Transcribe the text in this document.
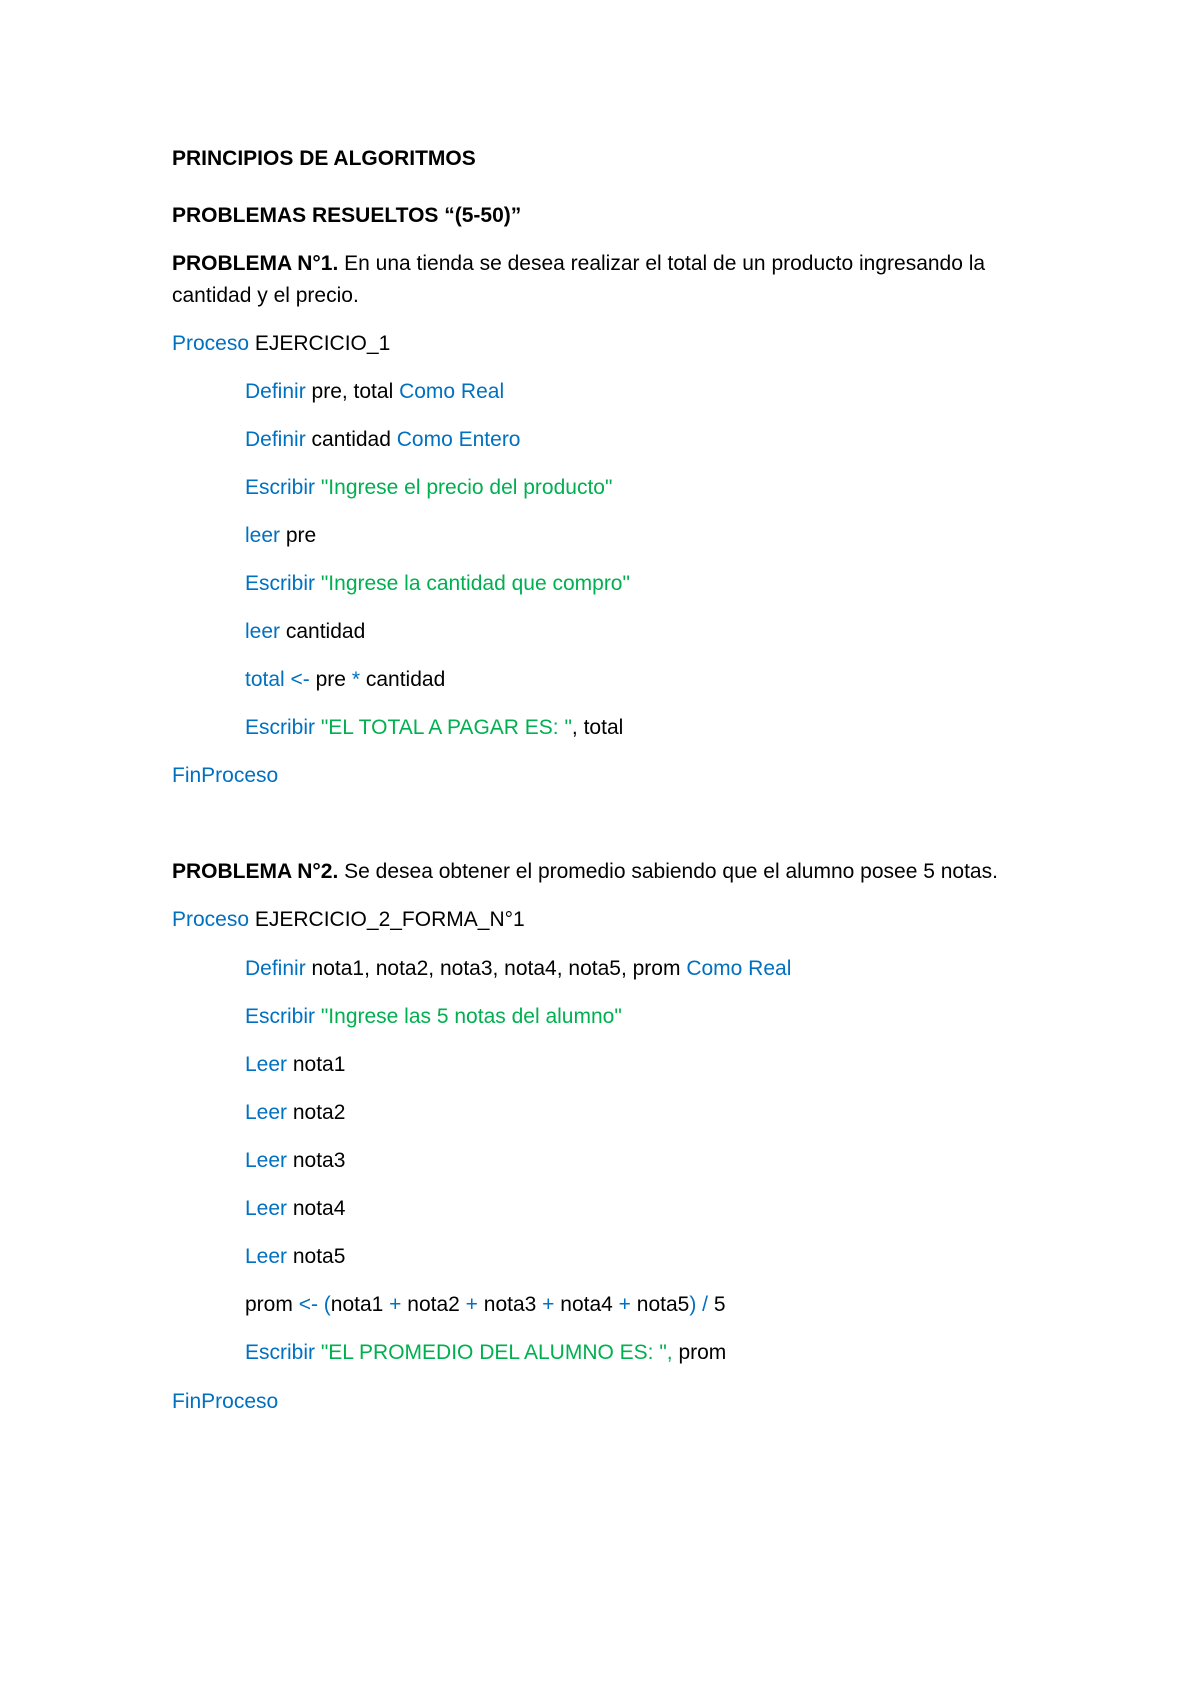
PRINCIPIOS DE ALGORITMOS
PROBLEMAS RESUELTOS “(5-50)”
PROBLEMA N°1. En una tienda se desea realizar el total de un producto ingresando la cantidad y el precio.
Proceso EJERCICIO_1
Definir pre, total Como Real
Definir cantidad Como Entero
Escribir "Ingrese el precio del producto"
leer pre
Escribir "Ingrese la cantidad que compro"
leer cantidad
total <- pre * cantidad
Escribir "EL TOTAL A PAGAR ES: ", total
FinProceso
PROBLEMA N°2. Se desea obtener el promedio sabiendo que el alumno posee 5 notas.
Proceso EJERCICIO_2_FORMA_N°1
Definir nota1, nota2, nota3, nota4, nota5, prom Como Real
Escribir "Ingrese las 5 notas del alumno"
Leer nota1
Leer nota2
Leer nota3
Leer nota4
Leer nota5
prom <- (nota1 + nota2 + nota3 + nota4 + nota5) / 5
Escribir "EL PROMEDIO DEL ALUMNO ES: ", prom
FinProceso
